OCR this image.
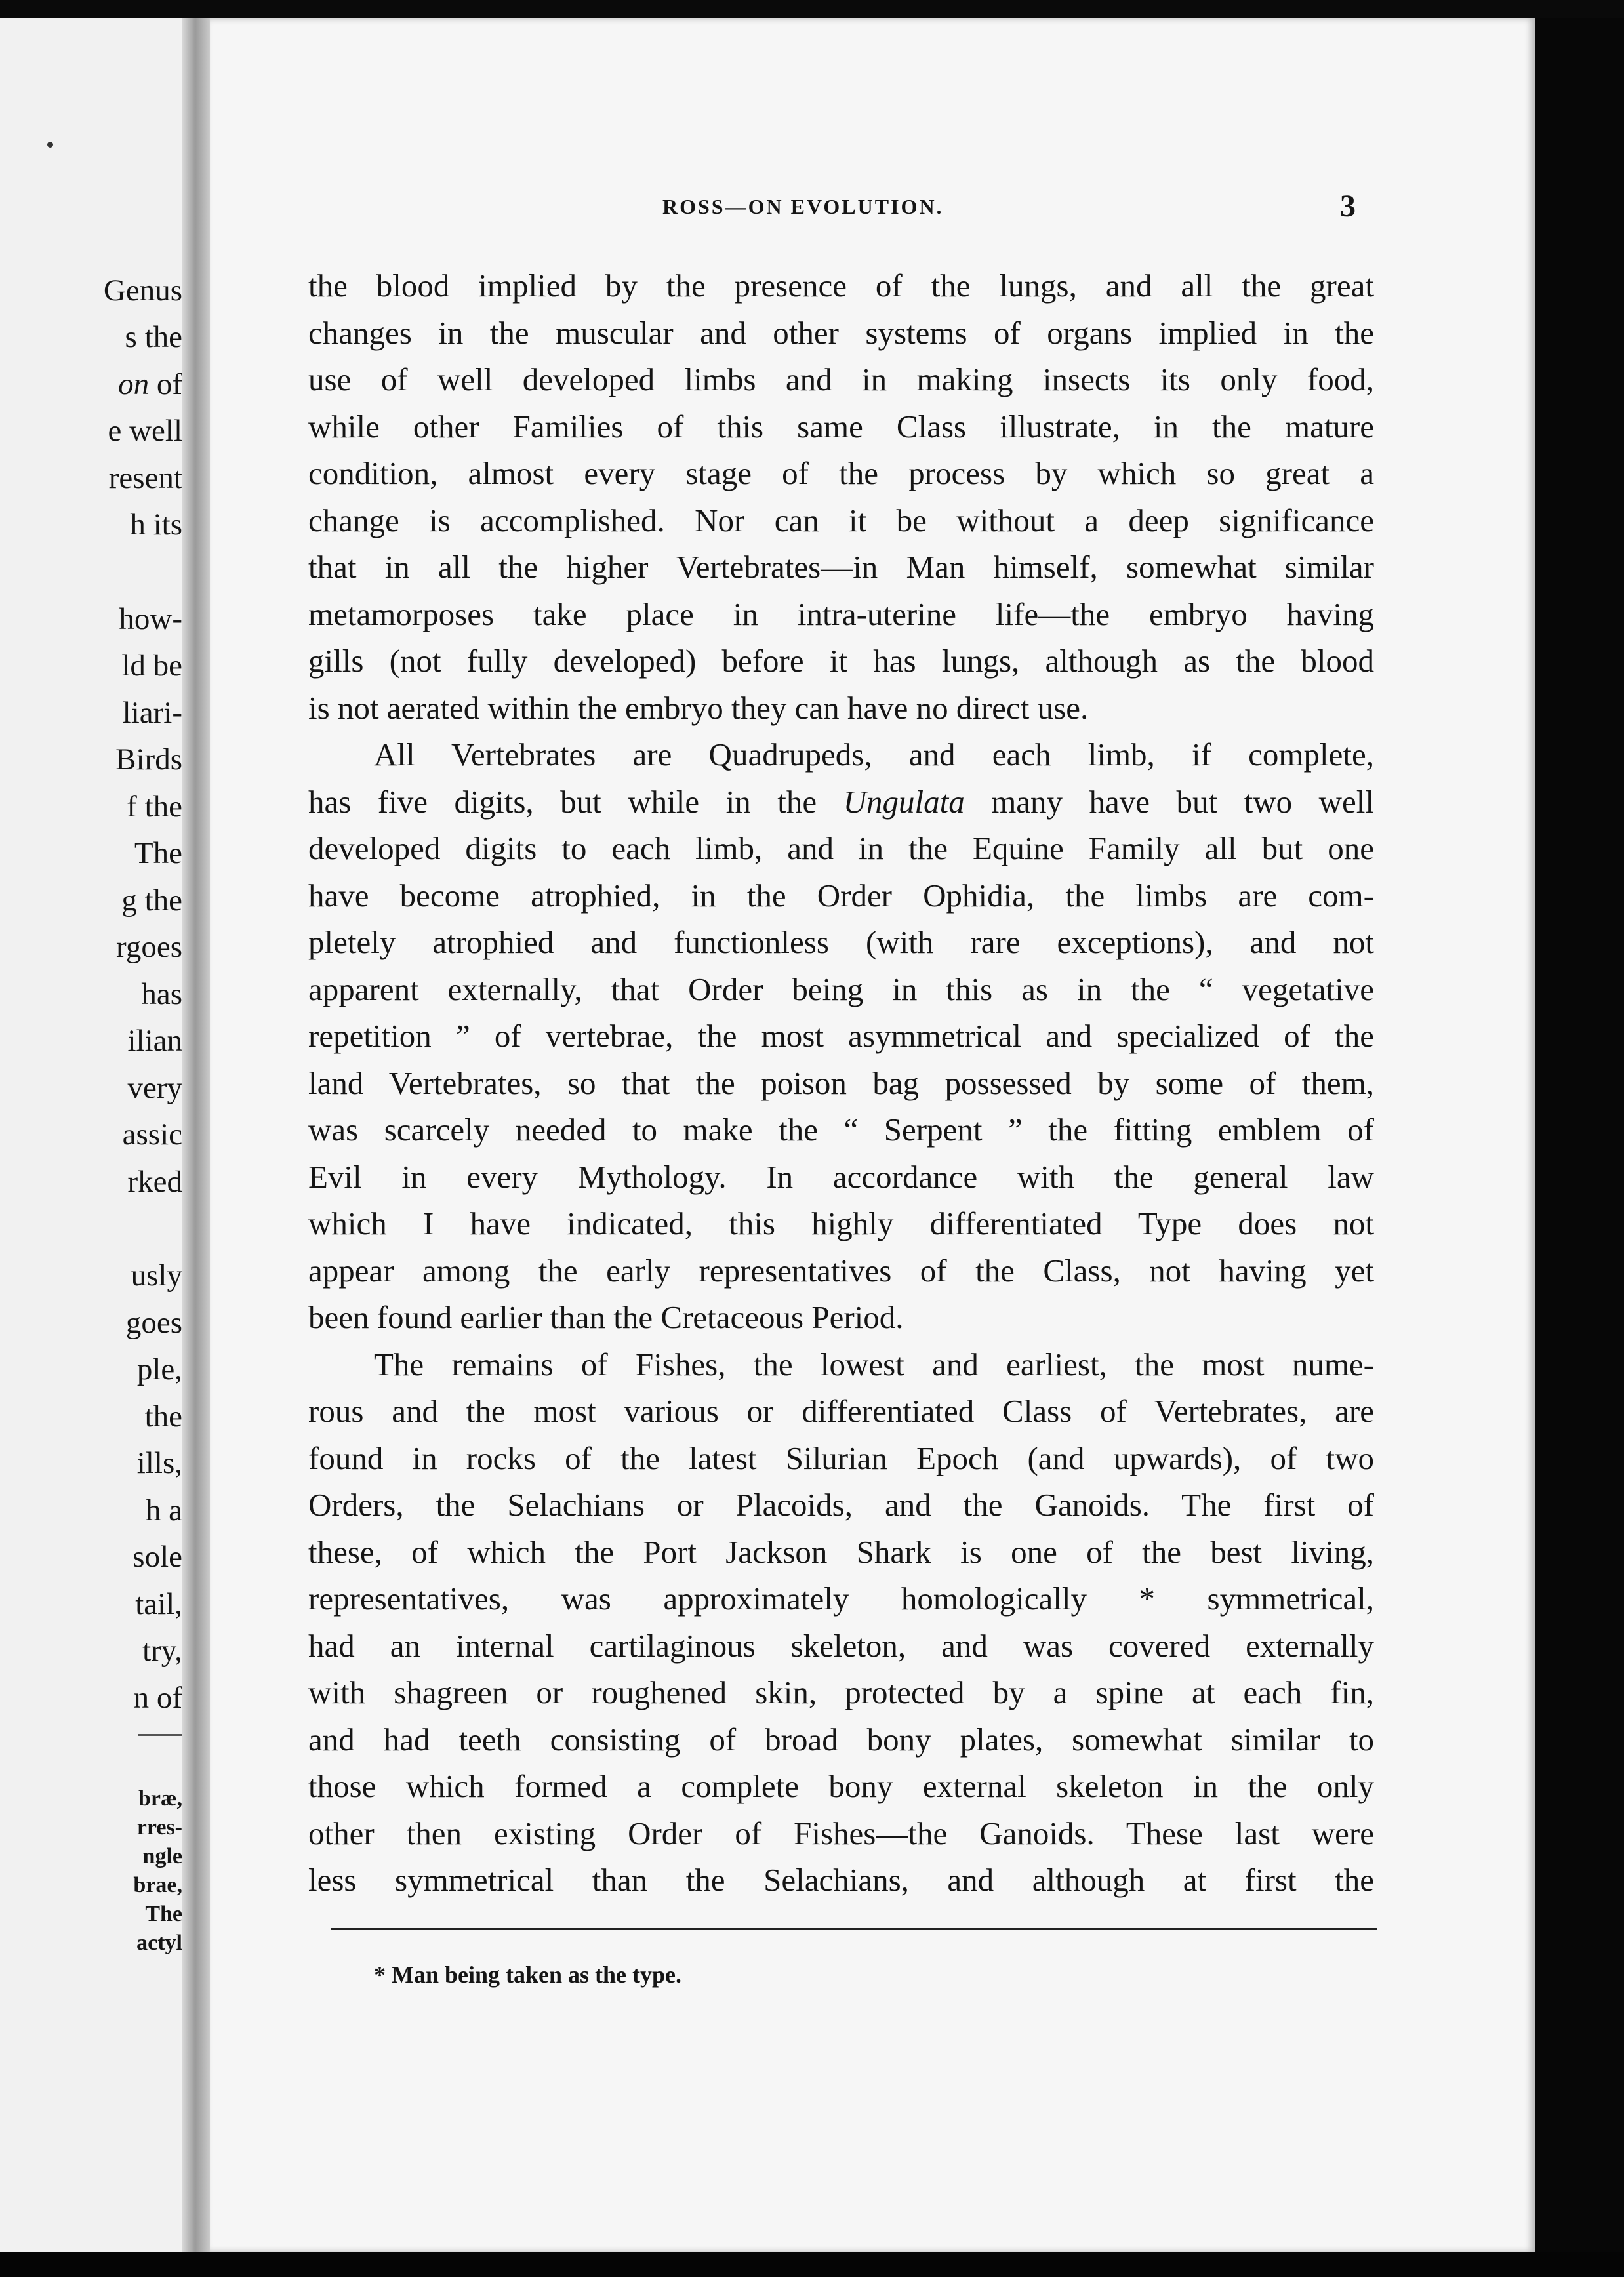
Genus
s the
on of
e well
resent
h its
how-
ld be
liari-
Birds
f the
The
g the
rgoes
has
ilian
very
assic
rked
usly
goes
ple,
the
ills,
h a
sole
tail,
try,
n of
bræ,
rres-
ngle
brae,
The
actyl
ROSS—ON EVOLUTION.	3
the blood implied by the presence of the lungs, and all the great
changes in the muscular and other systems of organs implied in the
use of well developed limbs and in making insects its only food,
while other Families of this same Class illustrate, in the mature
condition, almost every stage of the process by which so great a
change is accomplished. Nor can it be without a deep significance
that in all the higher Vertebrates—in Man himself, somewhat similar
metamorposes take place in intra-uterine life—the embryo having
gills (not fully developed) before it has lungs, although as the blood
is not aerated within the embryo they can have no direct use.
All Vertebrates are Quadrupeds, and each limb, if complete,
has five digits, but while in the Ungulata many have but two well
developed digits to each limb, and in the Equine Family all but one
have become atrophied, in the Order Ophidia, the limbs are com-
pletely atrophied and functionless (with rare exceptions), and not
apparent externally, that Order being in this as in the “ vegetative
repetition ” of vertebrae, the most asymmetrical and specialized of the
land Vertebrates, so that the poison bag possessed by some of them,
was scarcely needed to make the “ Serpent ” the fitting emblem of
Evil in every Mythology. In accordance with the general law
which I have indicated, this highly differentiated Type does not
appear among the early representatives of the Class, not having yet
been found earlier than the Cretaceous Period.
The remains of Fishes, the lowest and earliest, the most nume-
rous and the most various or differentiated Class of Vertebrates, are
found in rocks of the latest Silurian Epoch (and upwards), of two
Orders, the Selachians or Placoids, and the Ganoids. The first of
these, of which the Port Jackson Shark is one of the best living,
representatives, was approximately homologically * symmetrical,
had an internal cartilaginous skeleton, and was covered externally
with shagreen or roughened skin, protected by a spine at each fin,
and had teeth consisting of broad bony plates, somewhat similar to
those which formed a complete bony external skeleton in the only
other then existing Order of Fishes—the Ganoids. These last were
less symmetrical than the Selachians, and although at first the
* Man being taken as the type.
